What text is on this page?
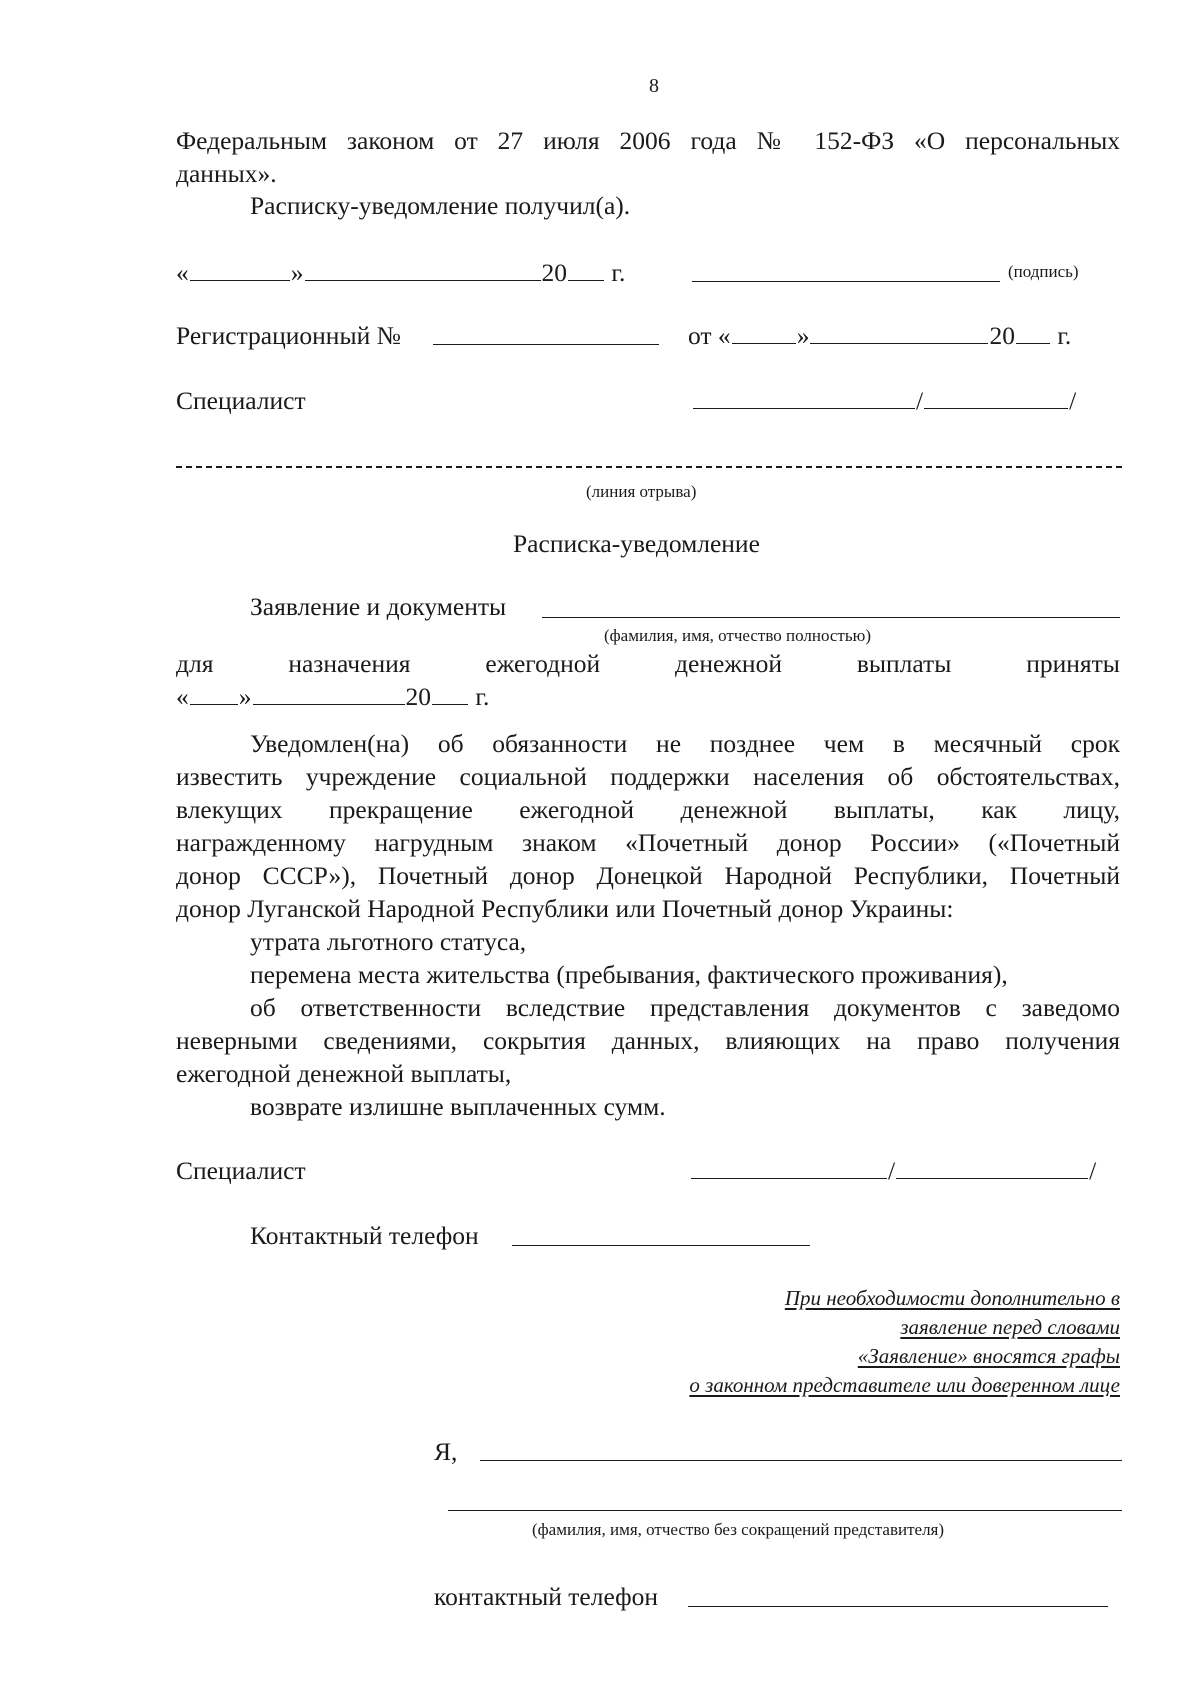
8
Федеральным законом от 27 июля 2006 года № 152-ФЗ «О персональных
данных».
Расписку-уведомление получил(а).
«	»	20 г.	(подпись)
Регистрационный №	от «	»	20 г.
Специалист	/	/
(линия отрыва)
Расписка-уведомление
Заявление и документы
(фамилия, имя, отчество полностью)
для	назначения	ежегодной	денежной	выплаты	приняты
« »	20 г.
Уведомлен(на) об обязанности не позднее чем в месячный срок
известить учреждение социальной поддержки населения об обстоятельствах,
влекущих прекращение ежегодной денежной выплаты, как лицу,
награжденному нагрудным знаком «Почетный донор России» («Почетный
донор СССР»), Почетный донор Донецкой Народной Республики, Почетный
донор Луганской Народной Республики или Почетный донор Украины:
утрата льготного статуса,
перемена места жительства (пребывания, фактического проживания),
об ответственности вследствие представления документов с заведомо
неверными сведениями, сокрытия данных, влияющих на право получения
ежегодной денежной выплаты,
возврате излишне выплаченных сумм.
Специалист	/	/
Контактный телефон
При необходимости дополнительно в
заявление перед словами
«Заявление» вносятся графы
о законном представителе или доверенном лице
Я,
(фамилия, имя, отчество без сокращений представителя)
контактный телефон
